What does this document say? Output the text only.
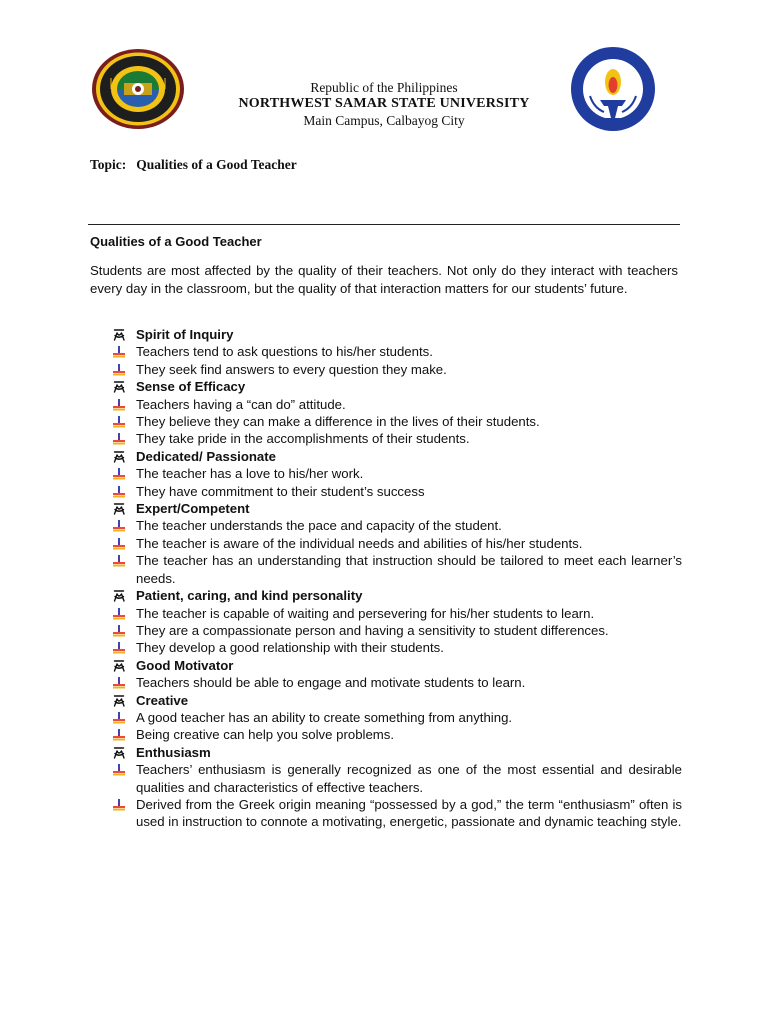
Republic of the Philippines
NORTHWEST SAMAR STATE UNIVERSITY
Main Campus, Calbayog City
Topic: Qualities of a Good Teacher
Qualities of a Good Teacher
Students are most affected by the quality of their teachers. Not only do they interact with teachers every day in the classroom, but the quality of that interaction matters for our students’ future.
Spirit of Inquiry
Teachers tend to ask questions to his/her students.
They seek find answers to every question they make.
Sense of Efficacy
Teachers having a “can do” attitude.
They believe they can make a difference in the lives of their students.
They take pride in the accomplishments of their students.
Dedicated/ Passionate
The teacher has a love to his/her work.
They have commitment to their student’s success
Expert/Competent
The teacher understands the pace and capacity of the student.
The teacher is aware of the individual needs and abilities of his/her students.
The teacher has an understanding that instruction should be tailored to meet each learner’s needs.
Patient, caring, and kind personality
The teacher is capable of waiting and persevering for his/her students to learn.
They are a compassionate person and having a sensitivity to student differences.
They develop a good relationship with their students.
Good Motivator
Teachers should be able to engage and motivate students to learn.
Creative
A good teacher has an ability to create something from anything.
Being creative can help you solve problems.
Enthusiasm
Teachers’ enthusiasm is generally recognized as one of the most essential and desirable qualities and characteristics of effective teachers.
Derived from the Greek origin meaning “possessed by a god,” the term “enthusiasm” often is used in instruction to connote a motivating, energetic, passionate and dynamic teaching style.
